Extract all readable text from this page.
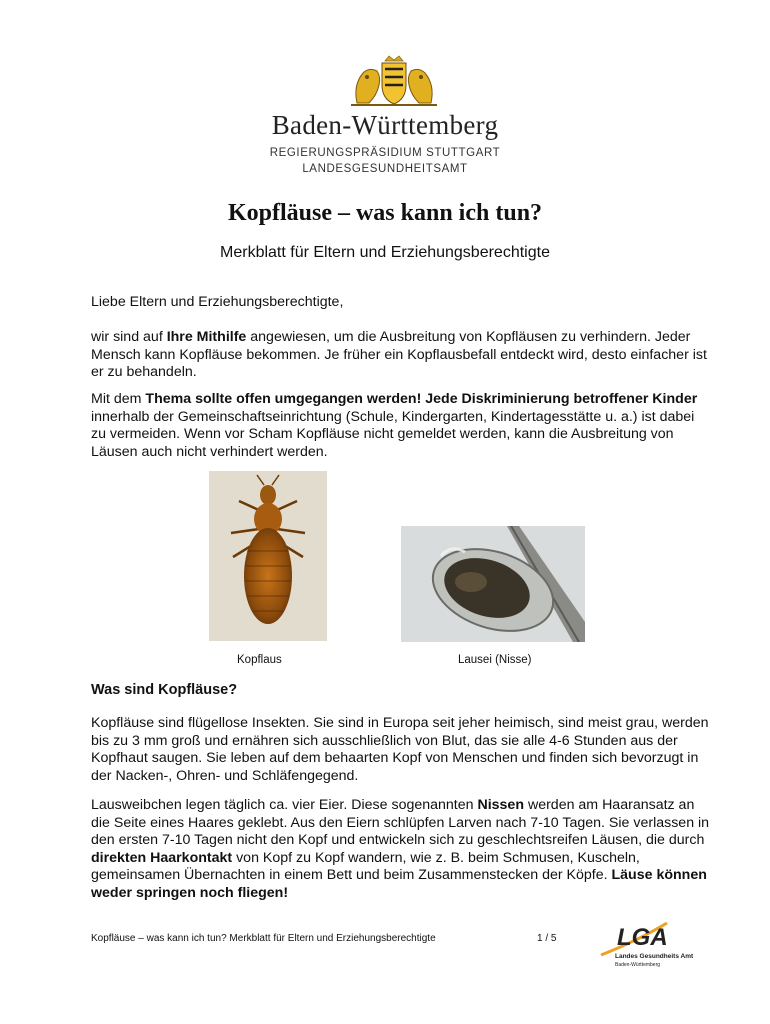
Baden-Württemberg
REGIERUNGSPRÄSIDIUM STUTTGART
LANDESGESUNDHEITSAMT
Kopfläuse – was kann ich tun?
Merkblatt für Eltern und Erziehungsberechtigte

Liebe Eltern und Erziehungsberechtigte,

wir sind auf Ihre Mithilfe angewiesen, um die Ausbreitung von Kopfläusen zu verhindern. Jeder Mensch kann Kopfläuse bekommen. Je früher ein Kopflausbefall entdeckt wird, desto einfacher ist er zu behandeln.

Mit dem Thema sollte offen umgegangen werden! Jede Diskriminierung betroffener Kinder innerhalb der Gemeinschaftseinrichtung (Schule, Kindergarten, Kindertagesstätte u. a.) ist dabei zu vermeiden. Wenn vor Scham Kopfläuse nicht gemeldet werden, kann die Ausbreitung von Läusen auch nicht verhindert werden.

Kopflaus	Lausei (Nisse)
Was sind Kopfläuse?

Kopfläuse sind flügellose Insekten. Sie sind in Europa seit jeher heimisch, sind meist grau, werden bis zu 3 mm groß und ernähren sich ausschließlich von Blut, das sie alle 4-6 Stunden aus der Kopfhaut saugen. Sie leben auf dem behaarten Kopf von Menschen und finden sich bevorzugt in der Nacken-, Ohren- und Schläfengegend.

Lausweibchen legen täglich ca. vier Eier. Diese sogenannten Nissen werden am Haaransatz an die Seite eines Haares geklebt. Aus den Eiern schlüpfen Larven nach 7-10 Tagen. Sie verlassen in den ersten 7-10 Tagen nicht den Kopf und entwickeln sich zu geschlechtsreifen Läusen, die durch direkten Haarkontakt von Kopf zu Kopf wandern, wie z. B. beim Schmusen, Kuscheln, gemeinsamen Übernachten in einem Bett und beim Zusammenstecken der Köpfe. Läuse können weder springen noch fliegen!

Kopfläuse – was kann ich tun? Merkblatt für Eltern und Erziehungsberechtigte	1 / 5	LGA
Landes Gesundheits Amt
Baden-Württemberg
